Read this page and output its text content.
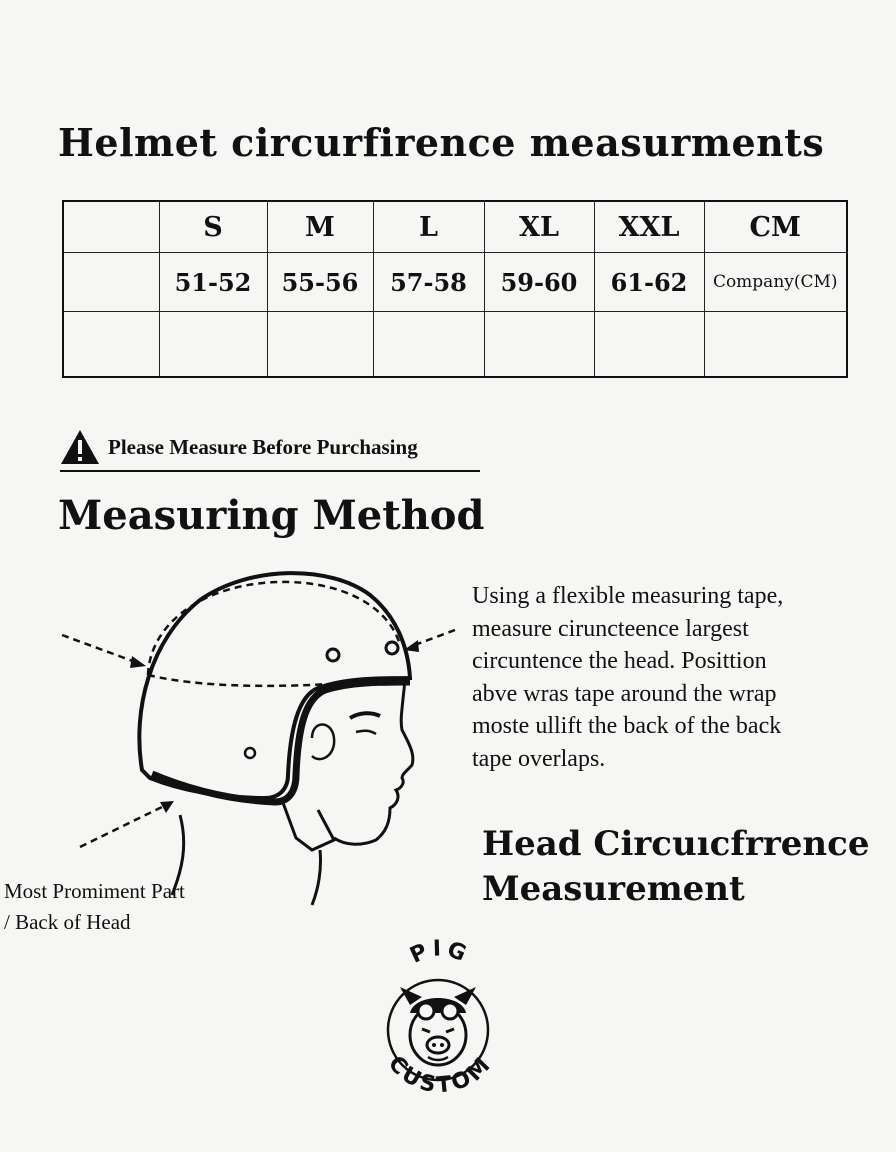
Helmet circurfirence measurments
	S	M	L	XL	XXL	CM
	51-52	55-56	57-58	59-60	61-62	Company(CM)

Please Measure Before Purchasing
Measuring Method
Using a flexible measuring tape,
measure ciruncteence largest
circuntence the head. Posittion
abve wras tape around the wrap
moste ullift the back of the back
tape overlaps.
Head Circuıcfrrence
Measurement
Most Promiment Part
/ Back of Head
PIG
CUSTOM
